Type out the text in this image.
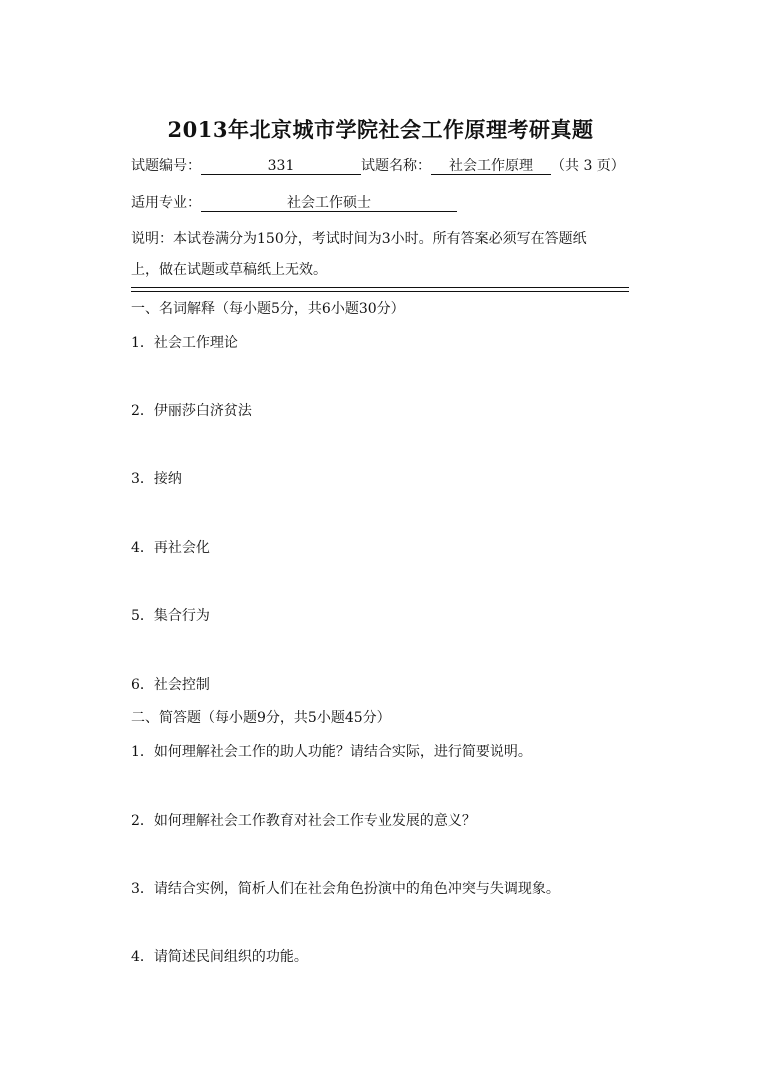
2013年北京城市学院社会工作原理考研真题
试题编号：	331	试题名称： 社会工作原理 （共 3 页）
适用专业：	社会工作硕士
说明：本试卷满分为150分，考试时间为3小时。所有答案必须写在答题纸
上，做在试题或草稿纸上无效。
一、名词解释（每小题5分，共6小题30分）
1．社会工作理论
2．伊丽莎白济贫法
3．接纳
4．再社会化
5．集合行为
6．社会控制
二、简答题（每小题9分，共5小题45分）
1．如何理解社会工作的助人功能？请结合实际，进行简要说明。
2．如何理解社会工作教育对社会工作专业发展的意义？
3．请结合实例，简析人们在社会角色扮演中的角色冲突与失调现象。
4．请简述民间组织的功能。
